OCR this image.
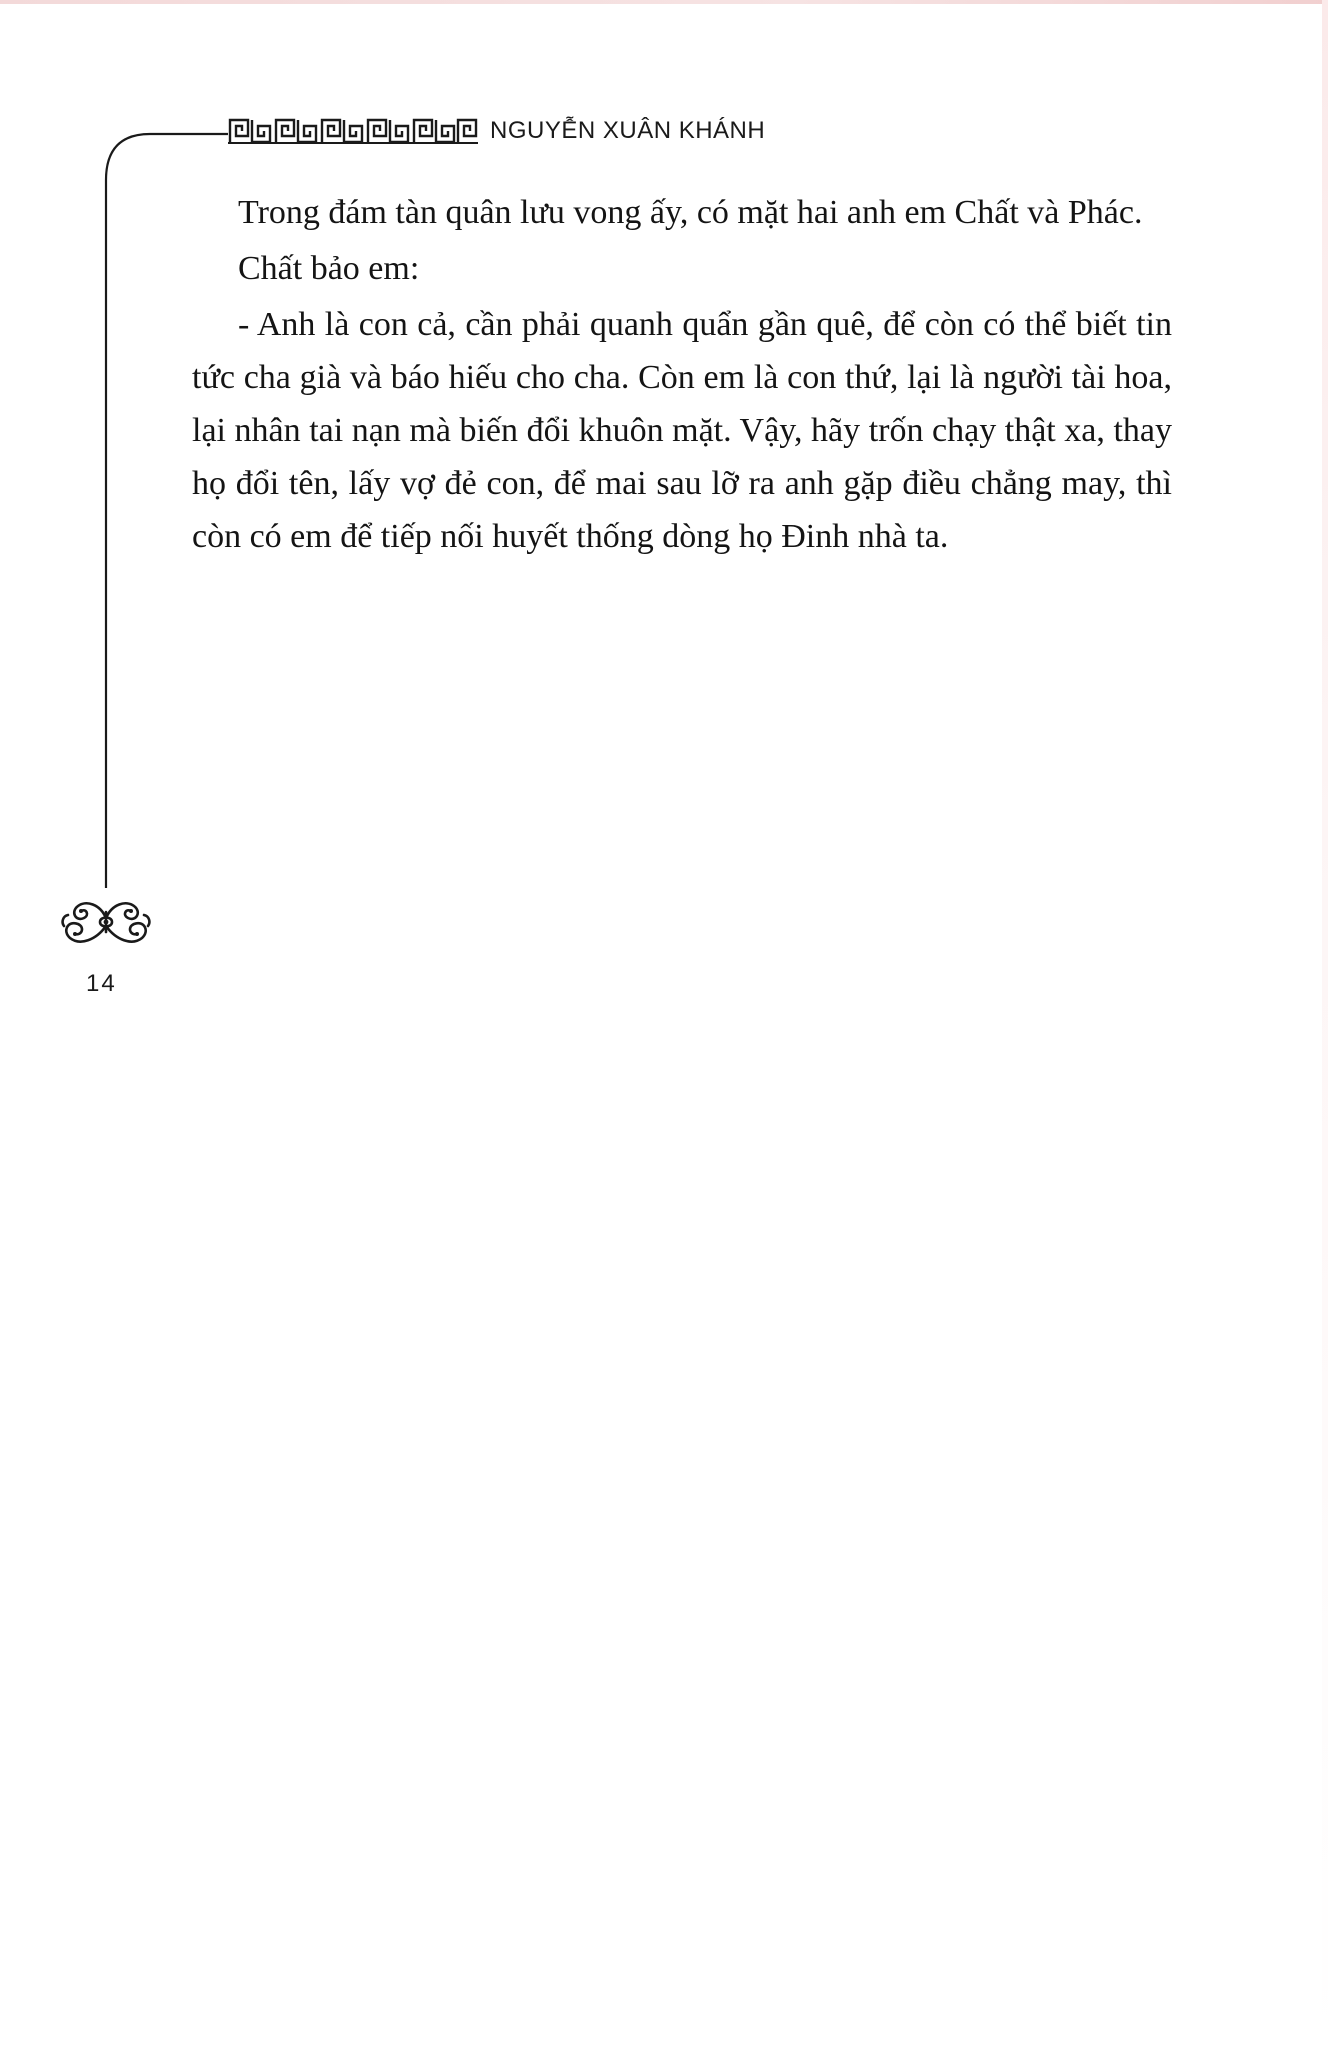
NGUYỄN XUÂN KHÁNH

Trong đám tàn quân lưu vong ấy, có mặt hai anh em Chất và Phác.

Chất bảo em:

- Anh là con cả, cần phải quanh quẩn gần quê, để còn có thể biết tin tức cha già và báo hiếu cho cha. Còn em là con thứ, lại là người tài hoa, lại nhân tai nạn mà biến đổi khuôn mặt. Vậy, hãy trốn chạy thật xa, thay họ đổi tên, lấy vợ đẻ con, để mai sau lỡ ra anh gặp điều chẳng may, thì còn có em để tiếp nối huyết thống dòng họ Đinh nhà ta.

14
